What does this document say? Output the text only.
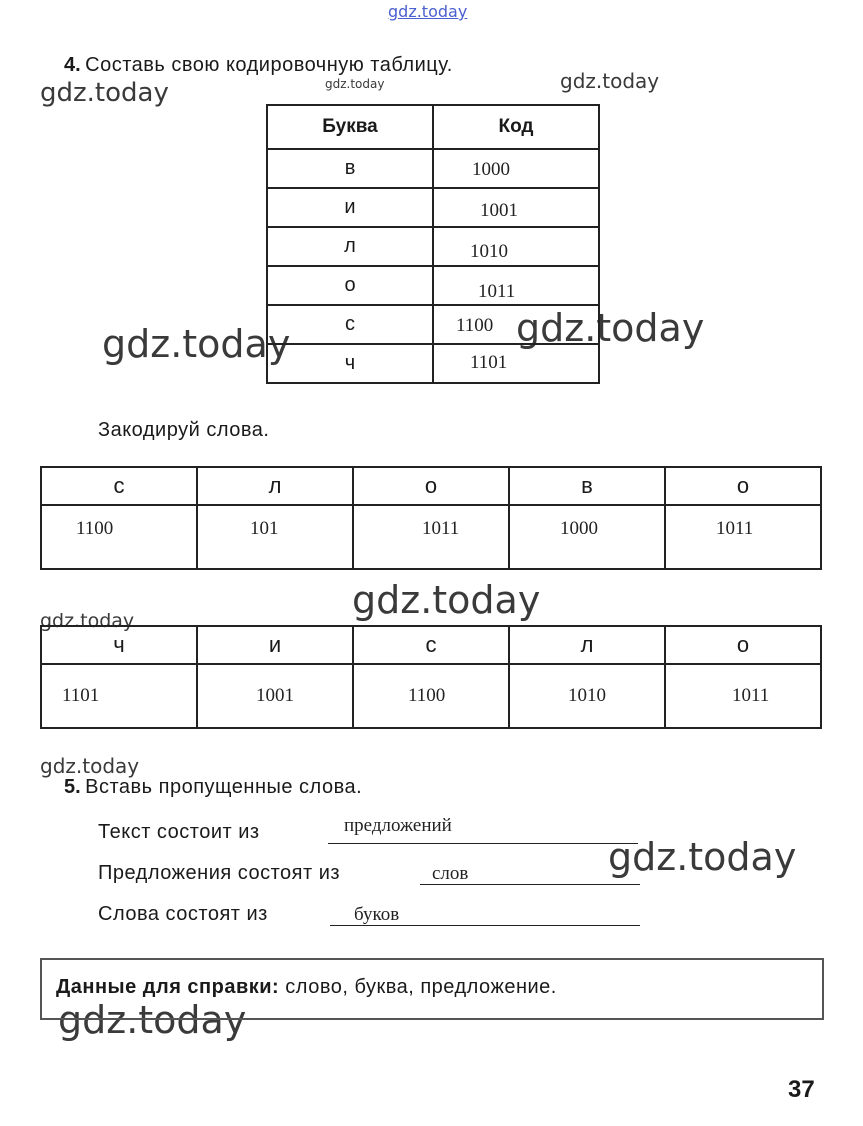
gdz.today
gdz.today	gdz.today	gdz.today
gdz.today	gdz.today
gdz.today
gdz.today
gdz.today
gdz.today
gdz.today
4. Составь свою кодировочную таблицу.
Буква	Код
в	1000

и	1001

л	1010

о	1011

с	1100

ч	1101
Закодируй слова.
с	л	о	в	о

1100	101	1011	1000	1011
ч	и	с	л	о

1101	1001	1100	1010	1011
5. Вставь пропущенные слова.
Текст состоит из	предложений
Предложения состоят из	слов
Слова состоят из	буков
Данные для справки: слово, буква, предложение.
37
